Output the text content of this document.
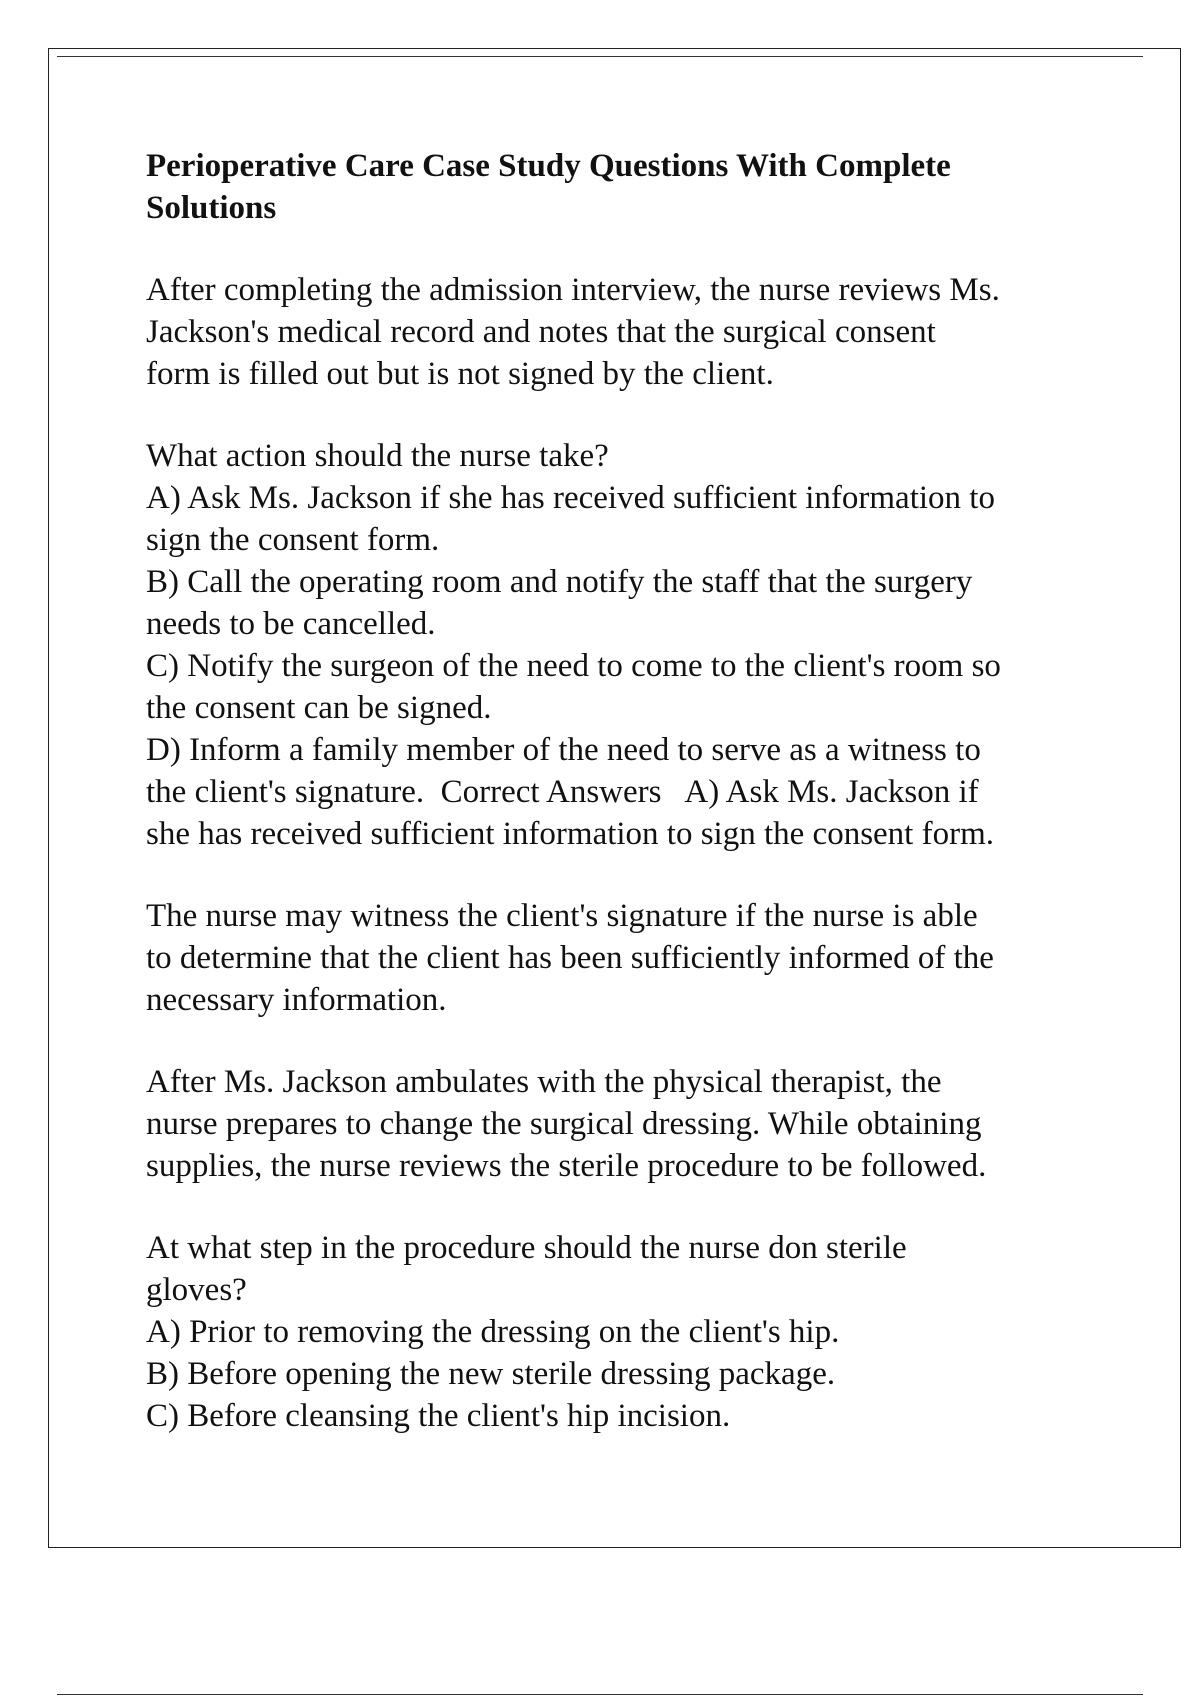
Perioperative Care Case Study Questions With Complete
Solutions
After completing the admission interview, the nurse reviews Ms.
Jackson's medical record and notes that the surgical consent
form is filled out but is not signed by the client.
What action should the nurse take?
A) Ask Ms. Jackson if she has received sufficient information to
sign the consent form.
B) Call the operating room and notify the staff that the surgery
needs to be cancelled.
C) Notify the surgeon of the need to come to the client's room so
the consent can be signed.
D) Inform a family member of the need to serve as a witness to
the client's signature.  Correct Answers   A) Ask Ms. Jackson if
she has received sufficient information to sign the consent form.
The nurse may witness the client's signature if the nurse is able
to determine that the client has been sufficiently informed of the
necessary information.
After Ms. Jackson ambulates with the physical therapist, the
nurse prepares to change the surgical dressing. While obtaining
supplies, the nurse reviews the sterile procedure to be followed.
At what step in the procedure should the nurse don sterile
gloves?
A) Prior to removing the dressing on the client's hip.
B) Before opening the new sterile dressing package.
C) Before cleansing the client's hip incision.
